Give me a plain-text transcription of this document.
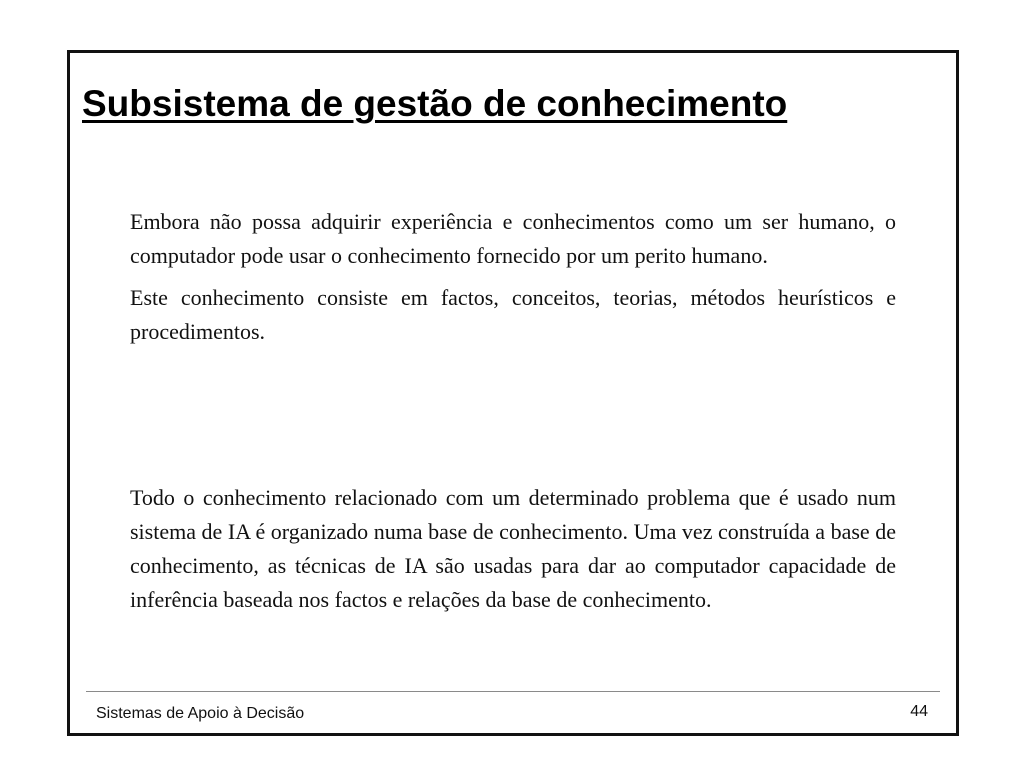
Subsistema de gestão de conhecimento

Embora não possa adquirir experiência e conhecimentos como um ser humano, o computador pode usar o conhecimento fornecido por um perito humano.

Este conhecimento consiste em factos, conceitos, teorias, métodos heurísticos e procedimentos.

Todo o conhecimento relacionado com um determinado problema que é usado num sistema de IA é organizado numa base de conhecimento. Uma vez construída a base de conhecimento, as técnicas de IA são usadas para dar ao computador capacidade de inferência baseada nos factos e relações da base de conhecimento.

Sistemas de Apoio à Decisão	44
